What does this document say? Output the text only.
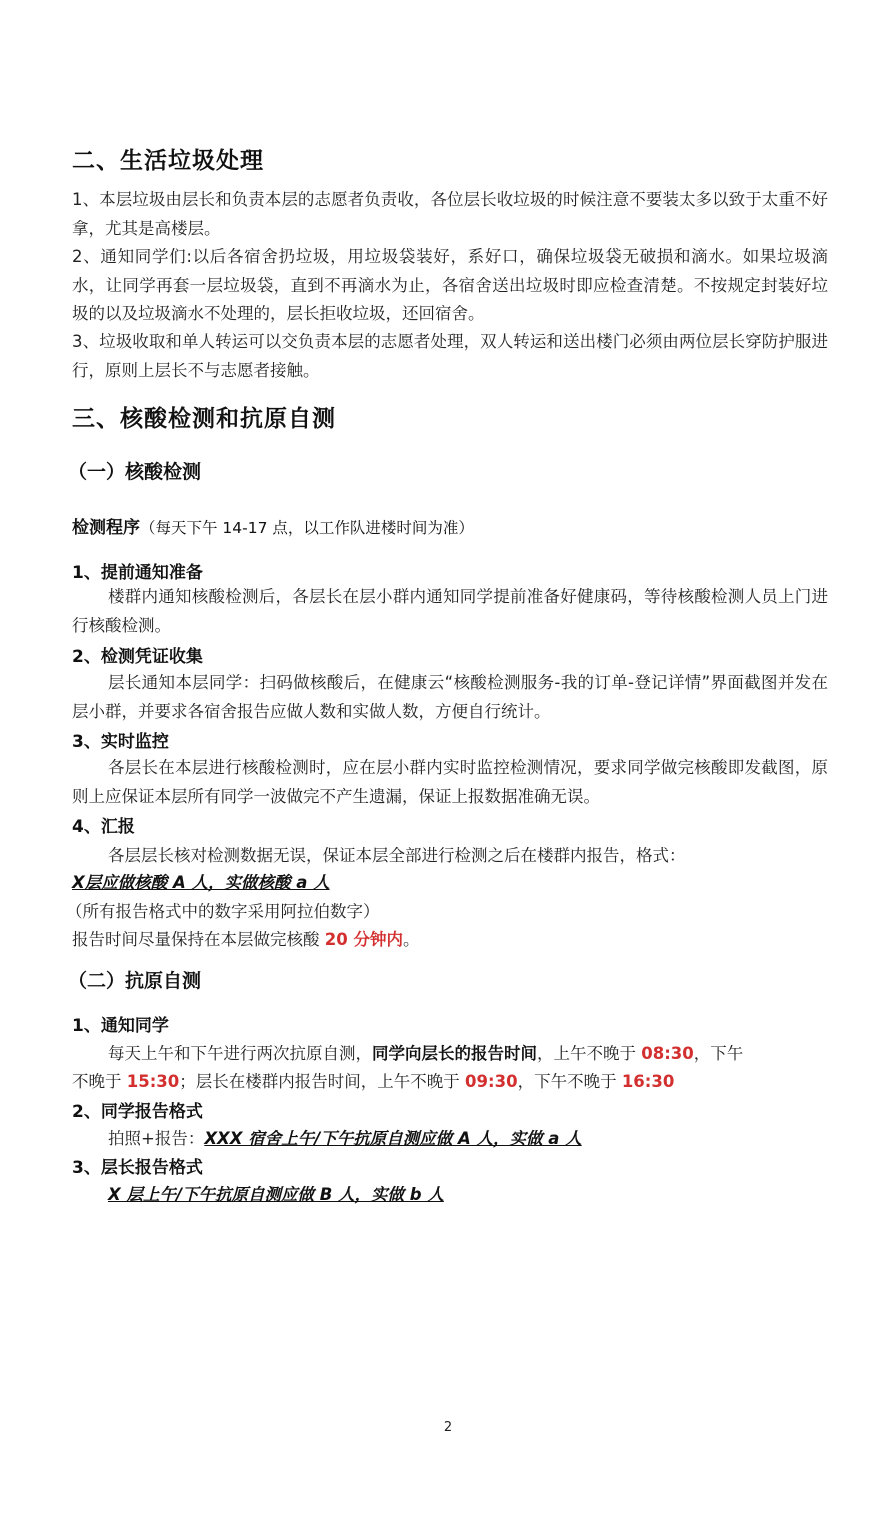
二、生活垃圾处理
1、本层垃圾由层长和负责本层的志愿者负责收，各位层长收垃圾的时候注意不要装太多以致于太重不好拿，尤其是高楼层。
2、通知同学们:以后各宿舍扔垃圾，用垃圾袋装好，系好口，确保垃圾袋无破损和滴水。如果垃圾滴水，让同学再套一层垃圾袋，直到不再滴水为止，各宿舍送出垃圾时即应检查清楚。不按规定封装好垃圾的以及垃圾滴水不处理的，层长拒收垃圾，还回宿舍。
3、垃圾收取和单人转运可以交负责本层的志愿者处理，双人转运和送出楼门必须由两位层长穿防护服进行，原则上层长不与志愿者接触。
三、核酸检测和抗原自测
（一）核酸检测
检测程序（每天下午 14-17 点，以工作队进楼时间为准）
1、提前通知准备
楼群内通知核酸检测后，各层长在层小群内通知同学提前准备好健康码，等待核酸检测人员上门进行核酸检测。
2、检测凭证收集
层长通知本层同学：扫码做核酸后，在健康云“核酸检测服务-我的订单-登记详情”界面截图并发在层小群，并要求各宿舍报告应做人数和实做人数，方便自行统计。
3、实时监控
各层长在本层进行核酸检测时，应在层小群内实时监控检测情况，要求同学做完核酸即发截图，原则上应保证本层所有同学一波做完不产生遗漏，保证上报数据准确无误。
4、汇报
各层层长核对检测数据无误，保证本层全部进行检测之后在楼群内报告，格式：
X层应做核酸 A 人，实做核酸 a 人
（所有报告格式中的数字采用阿拉伯数字）
报告时间尽量保持在本层做完核酸 20 分钟内。
（二）抗原自测
1、通知同学
每天上午和下午进行两次抗原自测，同学向层长的报告时间，上午不晚于 08:30，下午
不晚于 15:30；层长在楼群内报告时间，上午不晚于 09:30，下午不晚于 16:30
2、同学报告格式
拍照+报告：XXX 宿舍上午/下午抗原自测应做 A 人，实做 a 人
3、层长报告格式
X 层上午/下午抗原自测应做 B 人，实做 b 人
2
